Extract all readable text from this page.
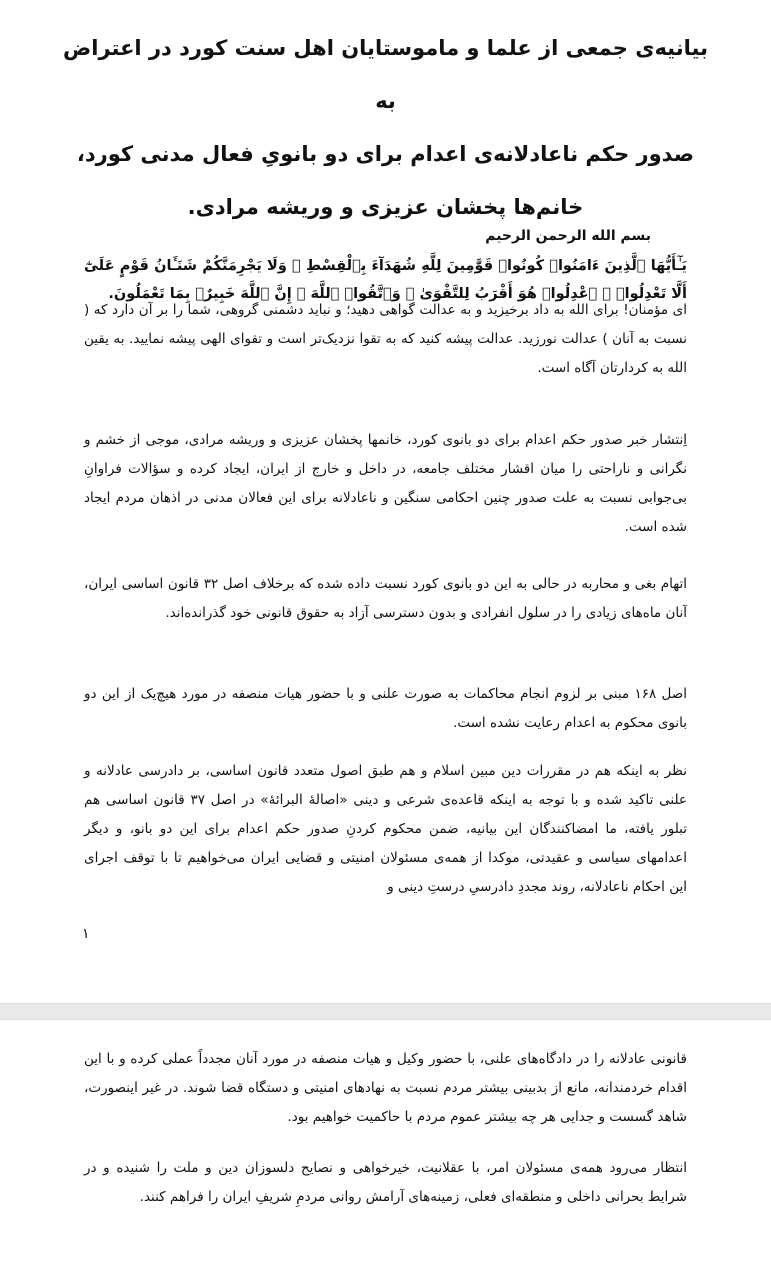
بیانیه‌ی جمعی از علما و ماموستایان اهل سنت کورد در اعتراض به
صدور حکم ناعادلانه‌ی اعدام برای دو بانویِ فعال مدنی کورد،
خانم‌ها پخشان عزیزی و وریشه مرادی.

بسم الله الرحمن الرحیم

يَـٰٓأَيُّهَا ٱلَّذِينَ ءَامَنُوا۟ كُونُوا۟ قَوَّٰمِينَ لِلَّهِ شُهَدَآءَ بِٱلْقِسْطِ ۖ وَلَا يَجْرِمَنَّكُمْ شَنَـَٔانُ قَوْمٍ عَلَىٰٓ أَلَّا تَعْدِلُوا۟ ۚ ٱعْدِلُوا۟ هُوَ أَقْرَبُ لِلتَّقْوَىٰ ۖ وَٱتَّقُوا۟ ٱللَّهَ ۚ إِنَّ ٱللَّهَ خَبِيرٌۢ بِمَا تَعْمَلُونَ.

ای مؤمنان! برای الله به داد برخیزید و به عدالت گواهی دهید؛ و نباید دشمنی گروهی، شما را بر آن دارد که ( نسبت به آنان ) عدالت نورزید. عدالت پیشه کنید که به تقوا نزدیک‌تر است و تقوای الهی پیشه نمایید. به یقین الله به کردارتان آگاه است.

اِنتشار خبر صدور حکم اعدام برای دو بانوی کورد، خانمها پخشان عزیزی و وریشه مرادی، موجی از خشم و نگرانی و ناراحتی را میان اقشار مختلف جامعه، در داخل و خارج از ایران، ایجاد کرده و سؤالات فراوانِ بی‌جوابی نسبت به علت صدور چنین احکامی سنگین و ناعادلانه برای این فعالان مدنی در اذهان مردم ایجاد شده است.

اتهام بغی و محاربه در حالی به این دو بانوی کورد نسبت داده شده که برخلاف اصل ۳۲ قانون اساسی ایران، آنان ماه‌های زیادی را در سلول انفرادی و بدون دسترسی آزاد به حقوق قانونی خود گذرانده‌اند.

اصل ۱۶۸ مبنی بر لزوم انجام محاکمات به صورت علنی و با حضور هیات منصفه در مورد هیچ‌یک از این دو بانوی محکوم به اعدام رعایت نشده است.

نظر به اینکه هم در مقررات دین مبین اسلام و هم طبق اصول متعدد قانون اساسی، بر دادرسی عادلانه و علنی تاکید شده و با توجه به اینکه قاعده‌ی شرعی و دینی «اصالهٔ البرائهٔ» در اصل ۳۷ قانون اساسی هم تبلور یافته، ما امضاکنندگان این بیانیه، ضمن محکوم کردنِ صدور حکم اعدام برای این دو بانو، و دیگر اعدامهای سیاسی و عقیدتی، موکدا از همه‌ی مسئولان امنیتی و قضایی ایران می‌خواهیم تا با توقف اجرای این احکام ناعادلانه، روند مجددِ دادرسیِ درستِ دینی و

۱

قانونی عادلانه را در دادگاه‌های علنی، با حضور وکیل و هیات منصفه در مورد آنان مجدداً عملی کرده و با این اقدام خردمندانه، مانع از بدبینی بیشتر مردم نسبت به نهادهای امنیتی و دستگاه قضا شوند. در غیر اینصورت، شاهد گسست و جدایی هر چه بیشتر عموم مردم با حاکمیت خواهیم بود.

انتظار می‌رود همه‌ی مسئولان امر، با عقلانیت، خیرخواهی و نصایح دلسوزان دین و ملت را شنیده و در شرایط بحرانی داخلی و منطقه‌ای فعلی، زمینه‌های آرامش روانی مردمِ شریفِ ایران را فراهم کنند.
